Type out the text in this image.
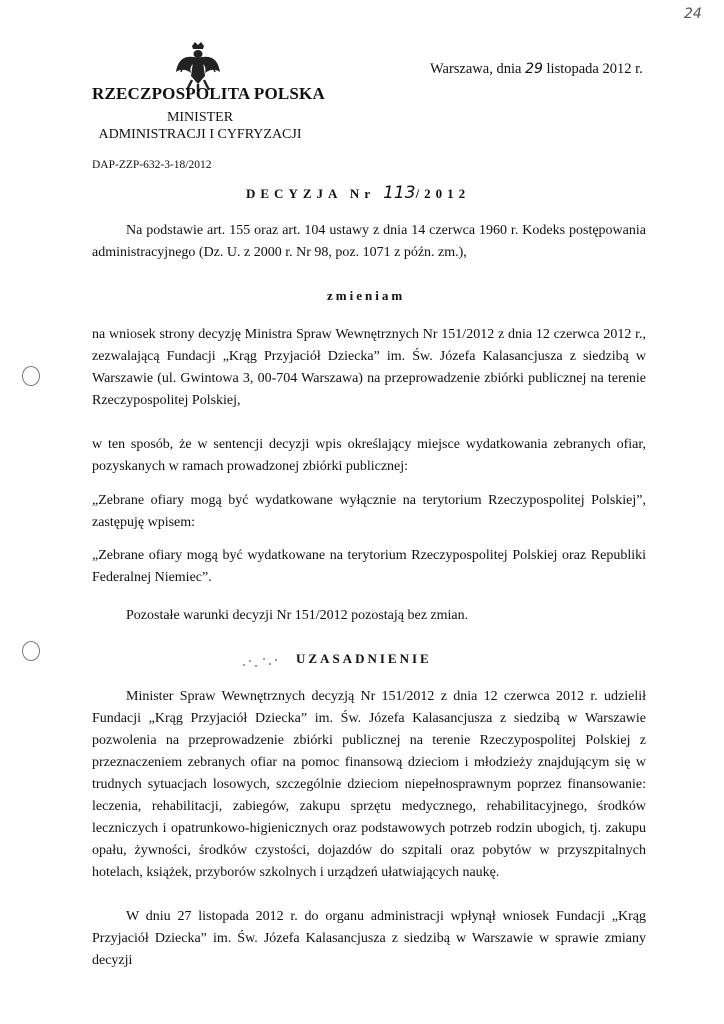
24
Warszawa, dnia 29 listopada 2012 r.
RZECZPOSPOLITA POLSKA
MINISTER
ADMINISTRACJI I CYFRYZACJI
DAP-ZZP-632-3-18/2012
DECYZJA Nr 113/2012
Na podstawie art. 155 oraz art. 104 ustawy z dnia 14 czerwca 1960 r. Kodeks postępowania administracyjnego (Dz. U. z 2000 r. Nr 98, poz. 1071 z późn. zm.),
zmieniam
na wniosek strony decyzję Ministra Spraw Wewnętrznych Nr 151/2012 z dnia 12 czerwca 2012 r., zezwalającą Fundacji „Krąg Przyjaciół Dziecka” im. Św. Józefa Kalasancjusza z siedzibą w Warszawie (ul. Gwintowa 3, 00-704 Warszawa) na przeprowadzenie zbiórki publicznej na terenie Rzeczypospolitej Polskiej,
w ten sposób, że w sentencji decyzji wpis określający miejsce wydatkowania zebranych ofiar, pozyskanych w ramach prowadzonej zbiórki publicznej:
„Zebrane ofiary mogą być wydatkowane wyłącznie na terytorium Rzeczypospolitej Polskiej”, zastępuję wpisem:
„Zebrane ofiary mogą być wydatkowane na terytorium Rzeczypospolitej Polskiej oraz Republiki Federalnej Niemiec”.
Pozostałe warunki decyzji Nr 151/2012 pozostają bez zmian.
UZASADNIENIE
Minister Spraw Wewnętrznych decyzją Nr 151/2012 z dnia 12 czerwca 2012 r. udzielił Fundacji „Krąg Przyjaciół Dziecka” im. Św. Józefa Kalasancjusza z siedzibą w Warszawie pozwolenia na przeprowadzenie zbiórki publicznej na terenie Rzeczypospolitej Polskiej z przeznaczeniem zebranych ofiar na pomoc finansową dzieciom i młodzieży znajdującym się w trudnych sytuacjach losowych, szczególnie dzieciom niepełnosprawnym poprzez finansowanie: leczenia, rehabilitacji, zabiegów, zakupu sprzętu medycznego, rehabilitacyjnego, środków leczniczych i opatrunkowo-higienicznych oraz podstawowych potrzeb rodzin ubogich, tj. zakupu opału, żywności, środków czystości, dojazdów do szpitali oraz pobytów w przyszpitalnych hotelach, książek, przyborów szkolnych i urządzeń ułatwiających naukę.
W dniu 27 listopada 2012 r. do organu administracji wpłynął wniosek Fundacji „Krąg Przyjaciół Dziecka” im. Św. Józefa Kalasancjusza z siedzibą w Warszawie w sprawie zmiany decyzji
